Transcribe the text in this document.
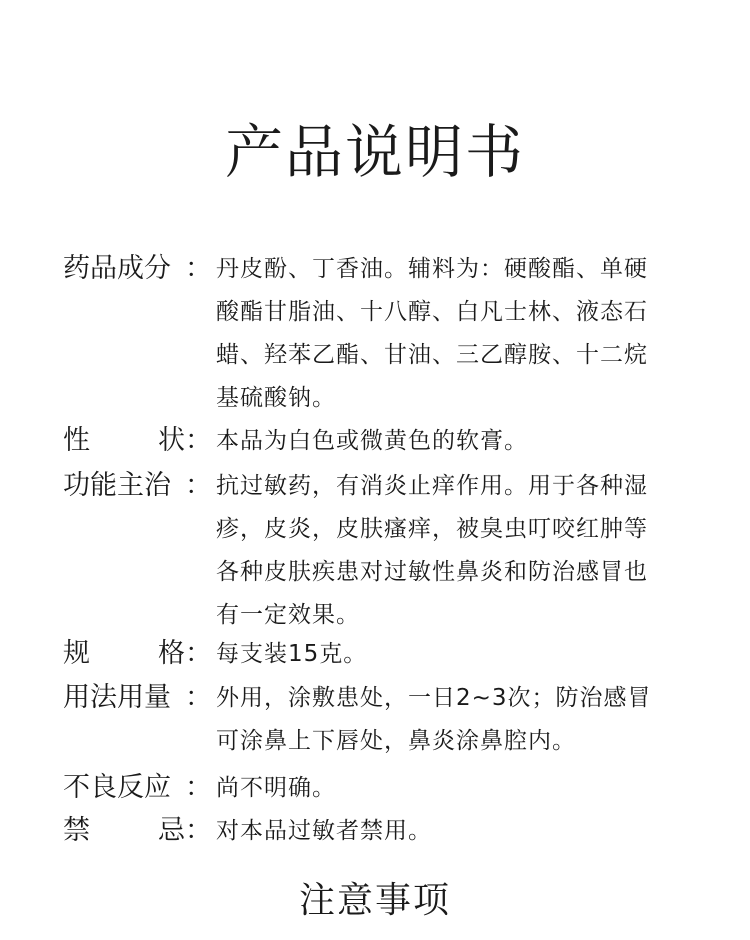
产品说明书
药品成分 ： 丹皮酚、丁香油。辅料为：硬酸酯、单硬
酸酯甘脂油、十八醇、白凡士林、液态石
蜡、羟苯乙酯、甘油、三乙醇胺、十二烷
基硫酸钠。
性	状 ： 本品为白色或微黄色的软膏。
功能主治 ： 抗过敏药，有消炎止痒作用。用于各种湿
疹，皮炎，皮肤瘙痒，被臭虫叮咬红肿等
各种皮肤疾患对过敏性鼻炎和防治感冒也
有一定效果。
规	格 ： 每支装15克。
用法用量 ： 外用，涂敷患处，一日2~3次；防治感冒
可涂鼻上下唇处，鼻炎涂鼻腔内。
不良反应 ： 尚不明确。
禁	忌 ： 对本品过敏者禁用。
注意事项
